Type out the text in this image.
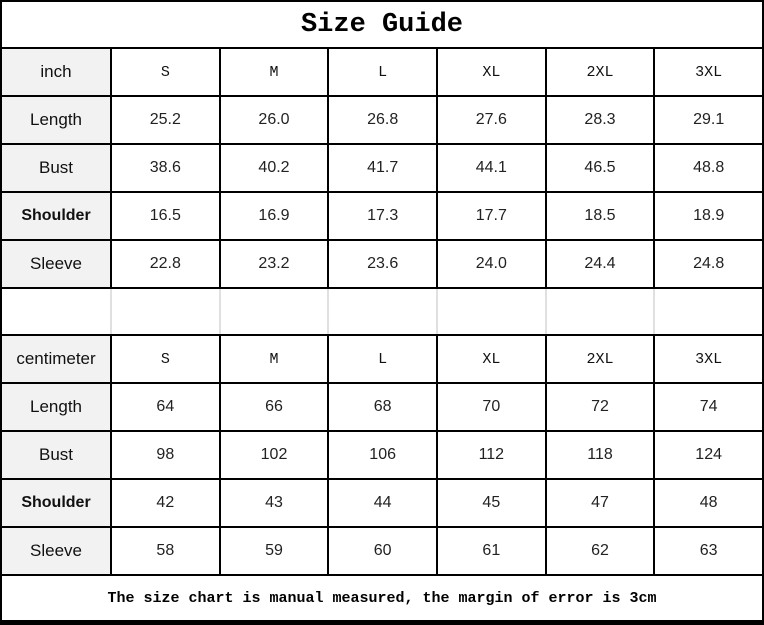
Size Guide
inch	S	M	L	XL	2XL	3XL
Length	25.2	26.0	26.8	27.6	28.3	29.1
Bust	38.6	40.2	41.7	44.1	46.5	48.8
Shoulder	16.5	16.9	17.3	17.7	18.5	18.9
Sleeve	22.8	23.2	23.6	24.0	24.4	24.8
centimeter	S	M	L	XL	2XL	3XL
Length	64	66	68	70	72	74
Bust	98	102	106	112	118	124
Shoulder	42	43	44	45	47	48
Sleeve	58	59	60	61	62	63
The size chart is manual measured, the margin of error is 3cm
